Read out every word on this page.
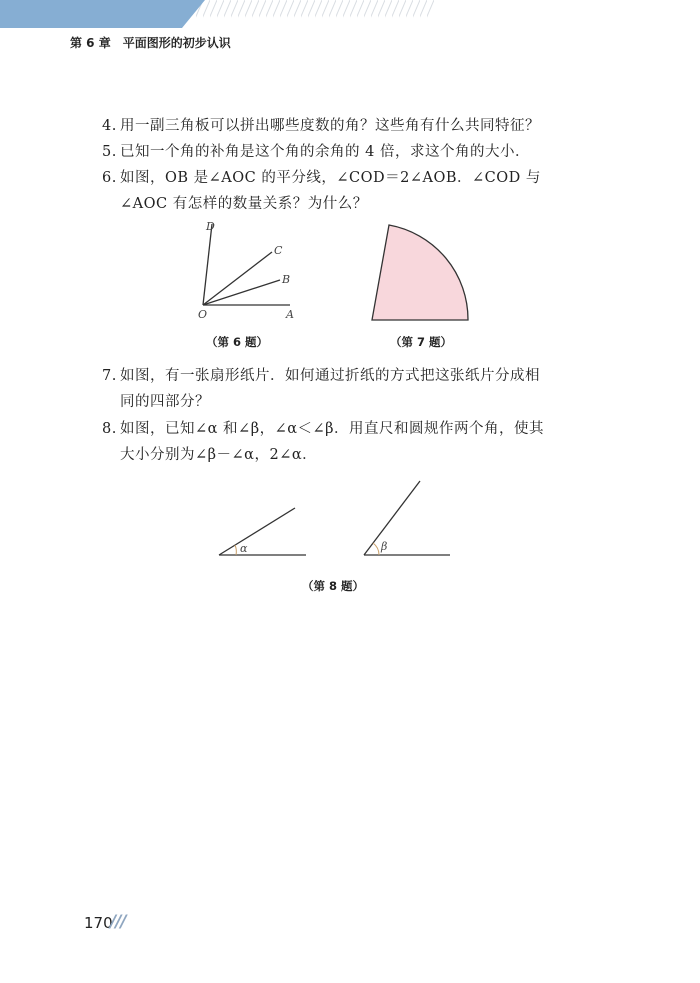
第 6 章　平面图形的初步认识
4. 用一副三角板可以拼出哪些度数的角？这些角有什么共同特征？
5. 已知一个角的补角是这个角的余角的 4 倍，求这个角的大小．
6. 如图，OB 是∠AOC 的平分线，∠COD＝2∠AOB．∠COD 与
∠AOC 有怎样的数量关系？为什么？
7. 如图，有一张扇形纸片．如何通过折纸的方式把这张纸片分成相
同的四部分？
8. 如图，已知∠α 和∠β，∠α＜∠β．用直尺和圆规作两个角，使其
大小分别为∠β－∠α，2∠α．
D
C
B
O	A
α	β
（第 6 题）	（第 7 题）
（第 8 题）
170
///
